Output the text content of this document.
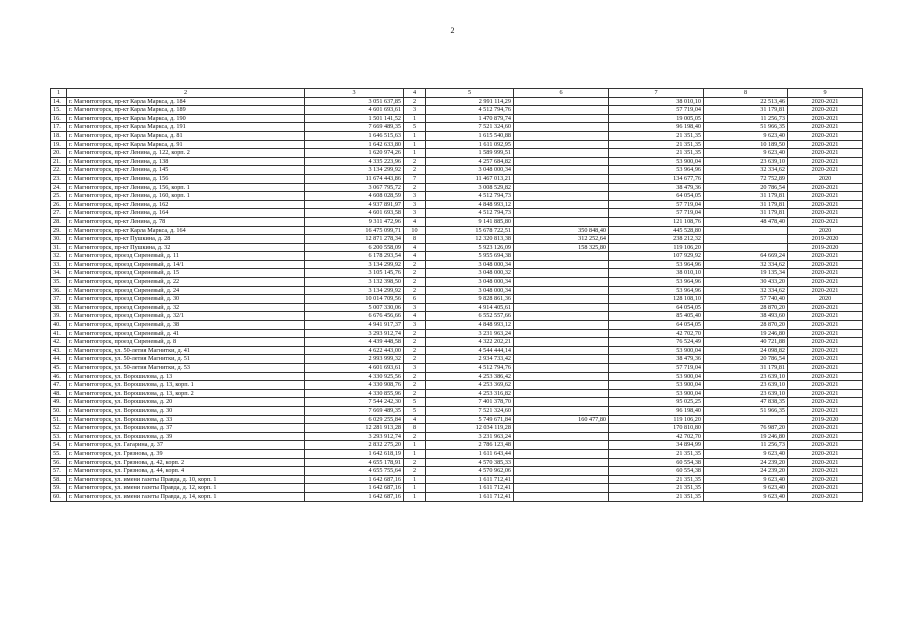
2
1	2	3	4	5	6	7	8	9
14.	г. Магнитогорск, пр-кт Карла Маркса, д. 184	3 051 637,85	2	2 991 114,29		38 010,10	22 513,46	2020-2021
15.	г. Магнитогорск, пр-кт Карла Маркса, д. 189	4 601 693,61	3	4 512 794,76		57 719,04	31 179,81	2020-2021
16.	г. Магнитогорск, пр-кт Карла Маркса, д. 190	1 501 141,52	1	1 470 879,74		19 005,05	11 256,73	2020-2021
17.	г. Магнитогорск, пр-кт Карла Маркса, д. 191	7 669 489,35	5	7 521 324,60		96 198,40	51 966,35	2020-2021
18.	г. Магнитогорск, пр-кт Карла Маркса, д. 81	1 646 515,63	1	1 615 540,88		21 351,35	9 623,40	2020-2021
19.	г. Магнитогорск, пр-кт Карла Маркса, д. 91	1 642 633,80	1	1 611 092,95		21 351,35	10 189,50	2020-2021
20.	г. Магнитогорск, пр-кт Ленина, д. 122, корп. 2	1 620 974,26	1	1 589 999,51		21 351,35	9 623,40	2020-2021
21.	г. Магнитогорск, пр-кт Ленина, д. 138	4 335 223,96	2	4 257 684,82		53 900,04	23 639,10	2020-2021
22.	г. Магнитогорск, пр-кт Ленина, д. 145	3 134 299,92	2	3 048 000,34		53 964,96	32 334,62	2020-2021
23.	г. Магнитогорск, пр-кт Ленина, д. 156	11 674 443,86	7	11 467 013,21		134 677,76	72 752,89	2020
24.	г. Магнитогорск, пр-кт Ленина, д. 156, корп. 1	3 067 795,72	2	3 008 529,82		38 479,36	20 786,54	2020-2021
25.	г. Магнитогорск, пр-кт Ленина, д. 160, корп. 1	4 608 028,59	3	4 512 794,73		64 054,05	31 179,81	2020-2021
26.	г. Магнитогорск, пр-кт Ленина, д. 162	4 937 891,97	3	4 848 993,12		57 719,04	31 179,81	2020-2021
27.	г. Магнитогорск, пр-кт Ленина, д. 164	4 601 693,58	3	4 512 794,73		57 719,04	31 179,81	2020-2021
28.	г. Магнитогорск, пр-кт Ленина, д. 78	9 311 472,96	4	9 141 885,80		121 108,76	48 478,40	2020-2021
29.	г. Магнитогорск, пр-кт Карла Маркса, д. 164	16 475 099,71	10	15 678 722,51	350 848,40	445 528,80		2020
30.	г. Магнитогорск, пр-кт Пушкина, д. 28	12 871 278,34	8	12 320 813,38	312 252,64	238 212,32		2019-2020
31.	г. Магнитогорск, пр-кт Пушкина, д. 32	6 200 558,09	4	5 923 126,09	158 325,80	119 106,20		2019-2020
32.	г. Магнитогорск, проезд Сиреневый, д. 11	6 178 293,54	4	5 955 694,38		107 929,92	64 669,24	2020-2021
33.	г. Магнитогорск, проезд Сиреневый, д. 14/1	3 134 299,92	2	3 048 000,34		53 964,96	32 334,62	2020-2021
34.	г. Магнитогорск, проезд Сиреневый, д. 15	3 105 145,76	2	3 048 000,32		38 010,10	19 135,34	2020-2021
35.	г. Магнитогорск, проезд Сиреневый, д. 22	3 132 398,50	2	3 048 000,34		53 964,96	30 433,20	2020-2021
36.	г. Магнитогорск, проезд Сиреневый, д. 24	3 134 299,92	2	3 048 000,34		53 964,96	32 334,62	2020-2021
37.	г. Магнитогорск, проезд Сиреневый, д. 30	10 014 709,56	6	9 828 861,36		128 108,10	57 740,40	2020
38.	г. Магнитогорск, проезд Сиреневый, д. 32	5 007 330,06	3	4 914 405,61		64 054,05	28 870,20	2020-2021
39.	г. Магнитогорск, проезд Сиреневый, д. 32/1	6 676 456,66	4	6 552 557,66		85 405,40	38 493,60	2020-2021
40.	г. Магнитогорск, проезд Сиреневый, д. 38	4 941 917,37	3	4 848 993,12		64 054,05	28 870,20	2020-2021
41.	г. Магнитогорск, проезд Сиреневый, д. 41	3 293 912,74	2	3 231 963,24		42 702,70	19 246,80	2020-2021
42.	г. Магнитогорск, проезд Сиреневый, д. 8	4 439 448,58	2	4 322 202,21		76 524,49	40 721,88	2020-2021
43.	г. Магнитогорск, ул. 50-летия Магнитки, д. 41	4 622 443,00	2	4 544 444,14		53 900,04	24 098,82	2020-2021
44.	г. Магнитогорск, ул. 50-летия Магнитки, д. 51	2 993 999,32	2	2 934 733,42		38 479,36	20 786,54	2020-2021
45.	г. Магнитогорск, ул. 50-летия Магнитки, д. 53	4 601 693,61	3	4 512 794,76		57 719,04	31 179,81	2020-2021
46.	г. Магнитогорск, ул. Ворошилова, д. 13	4 330 925,56	2	4 253 386,42		53 900,04	23 639,10	2020-2021
47.	г. Магнитогорск, ул. Ворошилова, д. 13, корп. 1	4 330 908,76	2	4 253 369,62		53 900,04	23 639,10	2020-2021
48.	г. Магнитогорск, ул. Ворошилова, д. 13, корп. 2	4 330 855,96	2	4 253 316,82		53 900,04	23 639,10	2020-2021
49.	г. Магнитогорск, ул. Ворошилова, д. 20	7 544 242,30	5	7 401 378,70		95 025,25	47 838,35	2020-2021
50.	г. Магнитогорск, ул. Ворошилова, д. 30	7 669 489,35	5	7 521 324,60		96 198,40	51 966,35	2020-2021
51.	г. Магнитогорск, ул. Ворошилова, д. 33	6 029 255,84	4	5 749 671,84	160 477,80	119 106,20		2019-2020
52.	г. Магнитогорск, ул. Ворошилова, д. 37	12 281 913,28	8	12 034 119,28		170 810,80	76 987,20	2020-2021
53.	г. Магнитогорск, ул. Ворошилова, д. 39	3 293 912,74	2	3 231 963,24		42 702,70	19 246,80	2020-2021
54.	г. Магнитогорск, ул. Гагарина, д. 37	2 832 275,20	1	2 786 123,48		34 894,99	11 256,73	2020-2021
55.	г. Магнитогорск, ул. Грязнова, д. 39	1 642 618,19	1	1 611 643,44		21 351,35	9 623,40	2020-2021
56.	г. Магнитогорск, ул. Грязнова, д. 42, корп. 2	4 655 178,91	2	4 570 385,33		60 554,38	24 239,20	2020-2021
57.	г. Магнитогорск, ул. Грязнова, д. 44, корп. 4	4 655 755,64	2	4 570 962,06		60 554,38	24 239,20	2020-2021
58.	г. Магнитогорск, ул. имени газеты Правда, д. 10, корп. 1	1 642 687,16	1	1 611 712,41		21 351,35	9 623,40	2020-2021
59.	г. Магнитогорск, ул. имени газеты Правда, д. 12, корп. 1	1 642 687,16	1	1 611 712,41		21 351,35	9 623,40	2020-2021
60.	г. Магнитогорск, ул. имени газеты Правда, д. 14, корп. 1	1 642 687,16	1	1 611 712,41		21 351,35	9 623,40	2020-2021
